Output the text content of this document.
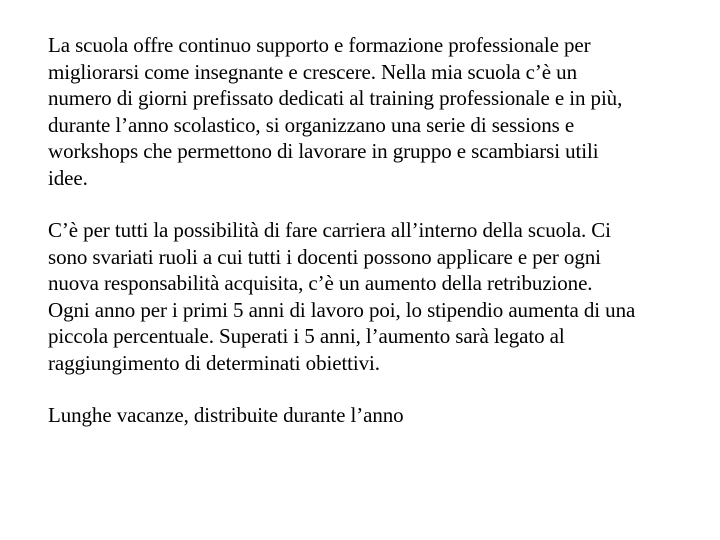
La scuola offre continuo supporto e formazione professionale per
migliorarsi come insegnante e crescere. Nella mia scuola c’è un
numero di giorni prefissato dedicati al training professionale e in più,
durante l’anno scolastico, si organizzano una serie di sessions e
workshops che permettono di lavorare in gruppo e scambiarsi utili
idee.

C’è per tutti la possibilità di fare carriera all’interno della scuola. Ci
sono svariati ruoli a cui tutti i docenti possono applicare e per ogni
nuova responsabilità acquisita, c’è un aumento della retribuzione.
Ogni anno per i primi 5 anni di lavoro poi, lo stipendio aumenta di una
piccola percentuale. Superati i 5 anni, l’aumento sarà legato al
raggiungimento di determinati obiettivi.

Lunghe vacanze, distribuite durante l’anno
